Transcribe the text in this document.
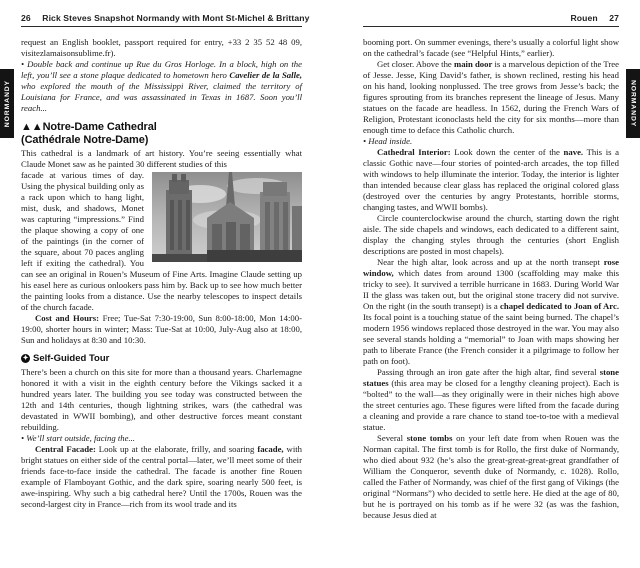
NORMANDY
26 Rick Steves Snapshot Normandy with Mont St-Michel & Brittany

request an English booklet, passport required for entry, +33 2 35 52 48 09, visitezlamaisonsublime.fr).

• Double back and continue up Rue du Gros Horloge. In a block, high on the left, you’ll see a stone plaque dedicated to hometown hero Cavelier de la Salle, who explored the mouth of the Mississippi River, claimed the territory of Louisiana for France, and was assassinated in Texas in 1687. Soon you’ll reach...

▲▲Notre-Dame Cathedral
(Cathédrale Notre-Dame)

This cathedral is a landmark of art history. You’re seeing essentially what Claude Monet saw as he painted 30 different studies of this

facade at various times of day. Using the physical building only as a rack upon which to hang light, mist, dusk, and shadows, Monet was capturing “impressions.” Find the plaque showing a copy of one of the paintings (in the corner of the square, about 70 paces angling left if exiting the cathedral). You can see an original in Rouen’s Museum of Fine Arts. Imagine Claude setting up his easel here as curious onlookers pass him by. Back up to see how much better the painting looks from a distance. Use the nearby telescopes to inspect details of the church facade.

Cost and Hours: Free; Tue-Sat 7:30-19:00, Sun 8:00-18:00, Mon 14:00-19:00, shorter hours in winter; Mass: Tue-Sat at 10:00, July-Aug also at 18:00, Sun and holidays at 8:30 and 10:30.

✦ Self-Guided Tour

There’s been a church on this site for more than a thousand years. Charlemagne honored it with a visit in the eighth century before the Vikings sacked it a hundred years later. The building you see today was constructed between the 12th and 14th centuries, though lightning strikes, wars (the cathedral was devastated in WWII bombing), and other destructive forces meant constant rebuilding.

• We’ll start outside, facing the...

Central Facade: Look up at the elaborate, frilly, and soaring facade, with bright statues on either side of the central portal—later, we’ll meet some of their friends face-to-face inside the cathedral. The facade is another fine Rouen example of Flamboyant Gothic, and the dark spire, soaring nearly 500 feet, is awe-inspiring. Why such a big cathedral here? Until the 1700s, Rouen was the second-largest city in France—rich from its wool trade and its

Rouen 27

booming port. On summer evenings, there’s usually a colorful light show on the cathedral’s facade (see “Helpful Hints,” earlier).

Get closer. Above the main door is a marvelous depiction of the Tree of Jesse. Jesse, King David’s father, is shown reclined, resting his head on his hand, looking nonplussed. The tree grows from Jesse’s back; the figures sprouting from its branches represent the lineage of Jesus. Many statues on the facade are headless. In 1562, during the French Wars of Religion, Protestant iconoclasts held the city for six months—more than enough time to deface this Catholic church.

• Head inside.

Cathedral Interior: Look down the center of the nave. This is a classic Gothic nave—four stories of pointed-arch arcades, the top filled with windows to help illuminate the interior. Today, the interior is lighter than intended because clear glass has replaced the original colored glass (destroyed over the centuries by angry Protestants, horrible storms, changing tastes, and WWII bombs).

Circle counterclockwise around the church, starting down the right aisle. The side chapels and windows, each dedicated to a different saint, display the changing styles through the centuries (short English descriptions are posted in most chapels).

Near the high altar, look across and up at the north transept rose window, which dates from around 1300 (scaffolding may make this tricky to see). It survived a terrible hurricane in 1683. During World War II the glass was taken out, but the original stone tracery did not survive. On the right (in the south transept) is a chapel dedicated to Joan of Arc. Its focal point is a touching statue of the saint being burned. The chapel’s modern 1956 windows replaced those destroyed in the war. You may also see several stands holding a “memorial” to Joan with maps showing her path to liberate France (the French consider it a pilgrimage to follow her path on foot).

Passing through an iron gate after the high altar, find several stone statues (this area may be closed for a lengthy cleaning project). Each is “bolted” to the wall—as they originally were in their niches high above the street centuries ago. These figures were lifted from the facade during a cleaning and provide a rare chance to stand toe-to-toe with a medieval statue.

Several stone tombs on your left date from when Rouen was the Norman capital. The first tomb is for Rollo, the first duke of Normandy, who died about 932 (he’s also the great-great-great-great grandfather of William the Conqueror, seventh duke of Normandy, c. 1028). Rollo, called the Father of Normandy, was chief of the first gang of Vikings (the original “Normans”) who decided to settle here. He died at the age of 80, but he is portrayed on his tomb as if he were 32 (as was the fashion, because Jesus died at

NORMANDY
